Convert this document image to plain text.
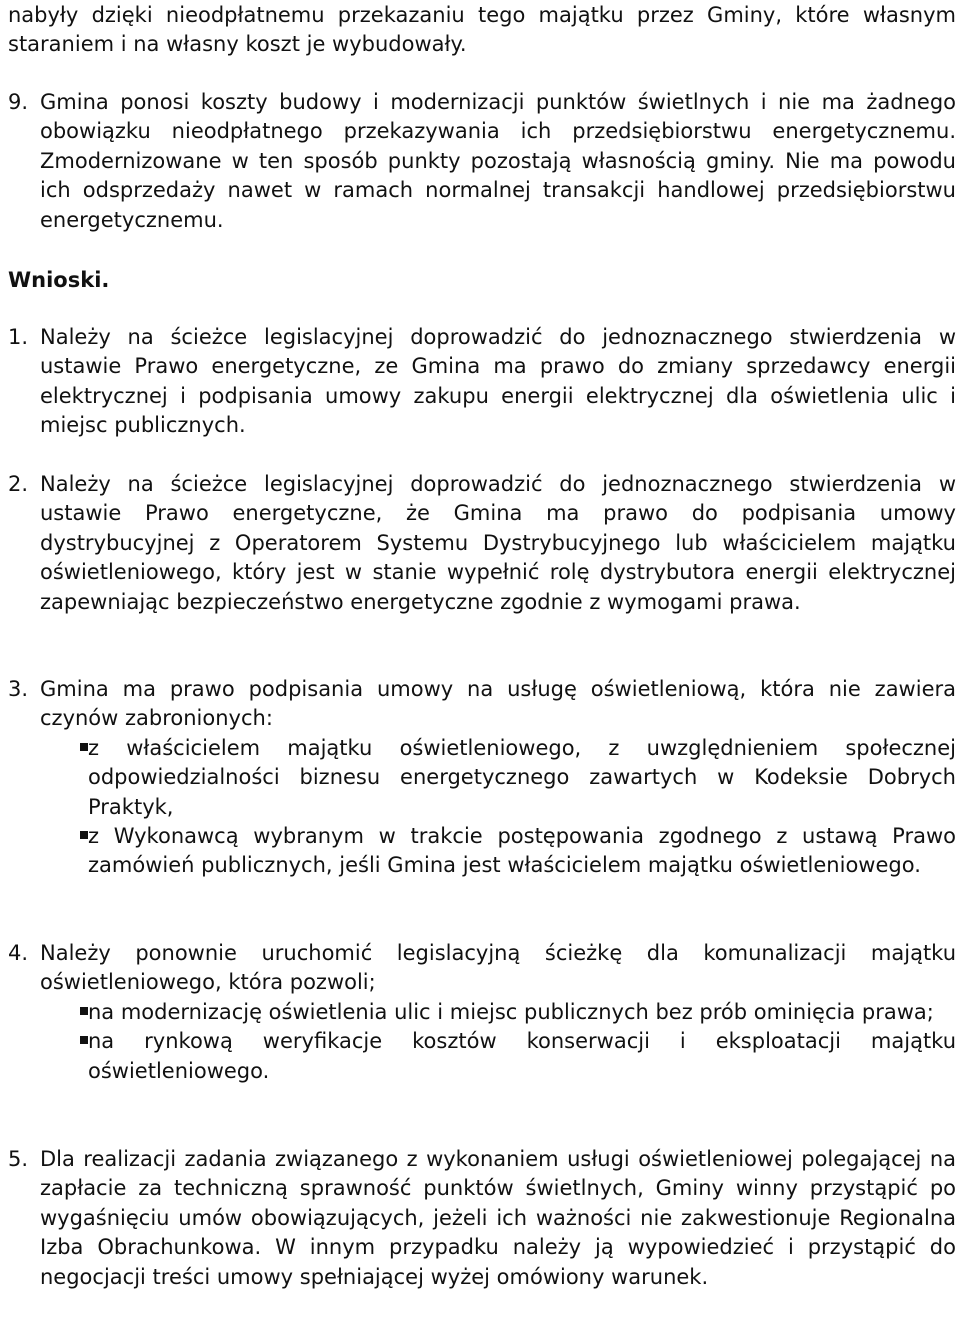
nabyły dzięki nieodpłatnemu przekazaniu tego majątku przez Gminy, które własnym staraniem i na własny koszt je wybudowały.

9. Gmina ponosi koszty budowy i modernizacji punktów świetlnych i nie ma żadnego obowiązku nieodpłatnego przekazywania ich przedsiębiorstwu energetycznemu. Zmodernizowane w ten sposób punkty pozostają własnością gminy. Nie ma powodu ich odsprzedaży nawet w ramach normalnej transakcji handlowej przedsiębiorstwu energetycznemu.

Wnioski.

1. Należy na ścieżce legislacyjnej doprowadzić do jednoznacznego stwierdzenia w ustawie Prawo energetyczne, ze Gmina ma prawo do zmiany sprzedawcy energii elektrycznej i podpisania umowy zakupu energii elektrycznej dla oświetlenia ulic i miejsc publicznych.
2. Należy na ścieżce legislacyjnej doprowadzić do jednoznacznego stwierdzenia w ustawie Prawo energetyczne, że Gmina ma prawo do podpisania umowy dystrybucyjnej z Operatorem Systemu Dystrybucyjnego lub właścicielem majątku oświetleniowego, który jest w stanie wypełnić rolę dystrybutora energii elektrycznej zapewniając bezpieczeństwo energetyczne zgodnie z wymogami prawa.
3. Gmina ma prawo podpisania umowy na usługę oświetleniową, która nie zawiera czynów zabronionych:
z właścicielem majątku oświetleniowego, z uwzględnieniem społecznej odpowiedzialności biznesu energetycznego zawartych w Kodeksie Dobrych Praktyk,
z Wykonawcą wybranym w trakcie postępowania zgodnego z ustawą Prawo zamówień publicznych, jeśli Gmina jest właścicielem majątku oświetleniowego.
4. Należy ponownie uruchomić legislacyjną ścieżkę dla komunalizacji majątku oświetleniowego, która pozwoli;
na modernizację oświetlenia ulic i miejsc publicznych bez prób ominięcia prawa;
na rynkową weryfikacje kosztów konserwacji i eksploatacji majątku oświetleniowego.
5. Dla realizacji zadania związanego z wykonaniem usługi oświetleniowej polegającej na zapłacie za techniczną sprawność punktów świetlnych, Gminy winny przystąpić po wygaśnięciu umów obowiązujących, jeżeli ich ważności nie zakwestionuje Regionalna Izba Obrachunkowa. W innym przypadku należy ją wypowiedzieć i przystąpić do negocjacji treści umowy spełniającej wyżej omówiony warunek.
